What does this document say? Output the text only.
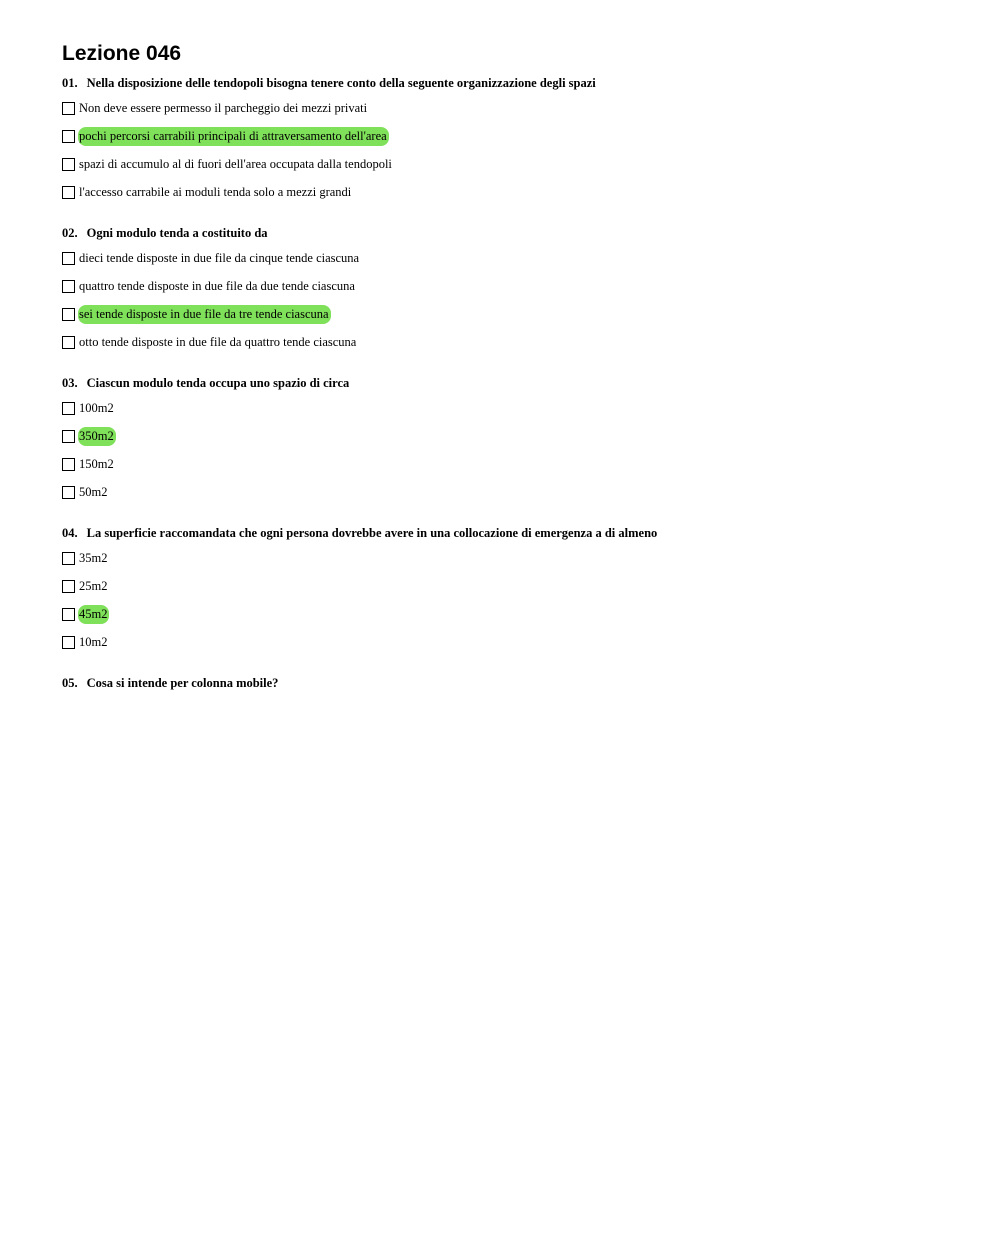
Lezione 046
01. Nella disposizione delle tendopoli bisogna tenere conto della seguente organizzazione degli spazi
Non deve essere permesso il parcheggio dei mezzi privati
pochi percorsi carrabili principali di attraversamento dell'area
spazi di accumulo al di fuori dell'area occupata dalla tendopoli
l'accesso carrabile ai moduli tenda solo a mezzi grandi
02. Ogni modulo tenda a costituito da
dieci tende disposte in due file da cinque tende ciascuna
quattro tende disposte in due file da due tende ciascuna
sei tende disposte in due file da tre tende ciascuna
otto tende disposte in due file da quattro tende ciascuna
03. Ciascun modulo tenda occupa uno spazio di circa
100m2
350m2
150m2
50m2
04. La superficie raccomandata che ogni persona dovrebbe avere in una collocazione di emergenza a di almeno
35m2
25m2
45m2
10m2
05. Cosa si intende per colonna mobile?
